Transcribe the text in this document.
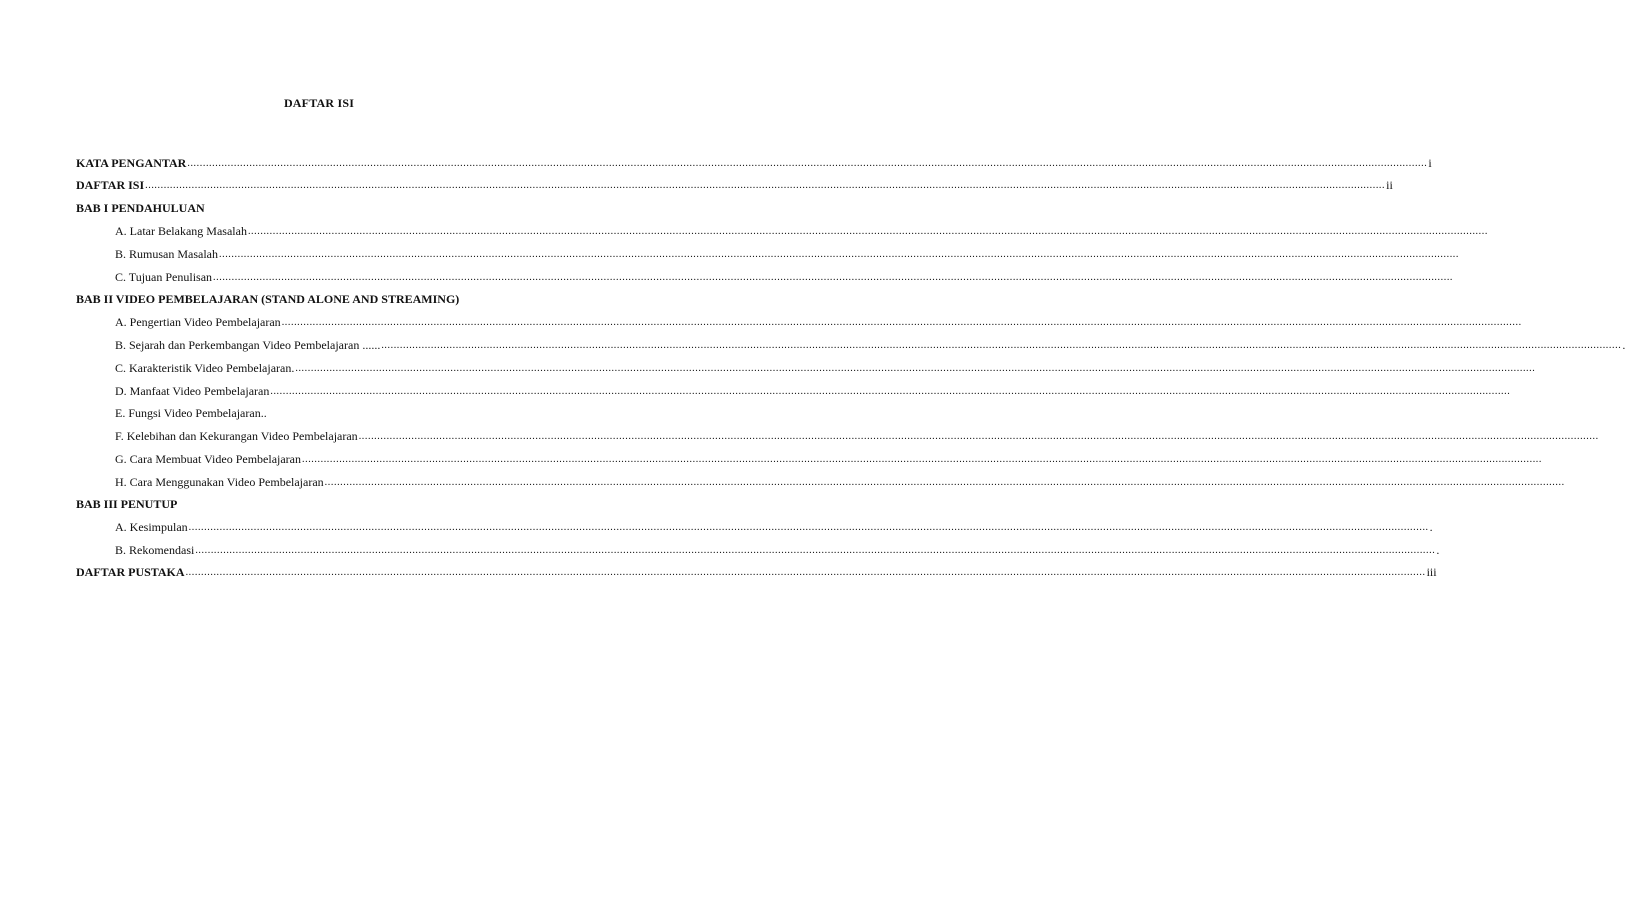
DAFTAR ISI
KATA PENGANTAR ................................................................................................................................................................................................................................................................................................................................................................................................................ i
DAFTAR ISI ................................................................................................................................................................................................................................................................................................................................................................................................................ ii
BAB I PENDAHULUAN
A. Latar Belakang Masalah ................................................................................................................................................................................................................................................................................................................................................................................................................
B. Rumusan Masalah ................................................................................................................................................................................................................................................................................................................................................................................................................
C. Tujuan Penulisan ................................................................................................................................................................................................................................................................................................................................................................................................................
BAB II VIDEO PEMBELAJARAN (STAND ALONE AND STREAMING)
A. Pengertian Video Pembelajaran ................................................................................................................................................................................................................................................................................................................................................................................................................
B. Sejarah dan Perkembangan Video Pembelajaran ...... ................................................................................................................................................................................................................................................................................................................................................................................................................
C. Karakteristik Video Pembelajaran. ................................................................................................................................................................................................................................................................................................................................................................................................................
D. Manfaat Video Pembelajaran ................................................................................................................................................................................................................................................................................................................................................................................................................
E. Fungsi Video Pembelajaran..
F. Kelebihan dan Kekurangan Video Pembelajaran ................................................................................................................................................................................................................................................................................................................................................................................................................
G. Cara Membuat Video Pembelajaran ................................................................................................................................................................................................................................................................................................................................................................................................................
H. Cara Menggunakan Video Pembelajaran ................................................................................................................................................................................................................................................................................................................................................................................................................
BAB III PENUTUP
A. Kesimpulan ................................................................................................................................................................................................................................................................................................................................................................................................................ .
B. Rekomendasi ................................................................................................................................................................................................................................................................................................................................................................................................................ .
DAFTAR PUSTAKA ................................................................................................................................................................................................................................................................................................................................................................................................................ iii
